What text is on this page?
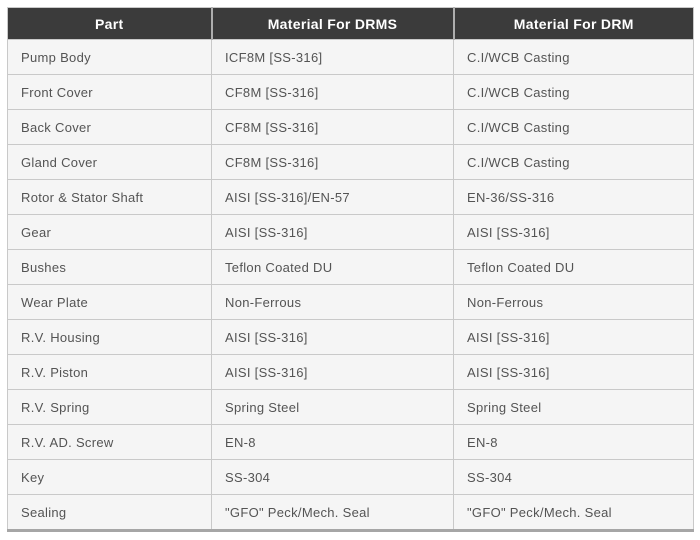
Part	Material For DRMS	Material For DRM
Pump Body	ICF8M [SS-316]	C.I/WCB Casting
Front Cover	CF8M [SS-316]	C.I/WCB Casting
Back Cover	CF8M [SS-316]	C.I/WCB Casting
Gland Cover	CF8M [SS-316]	C.I/WCB Casting
Rotor & Stator Shaft	AISI [SS-316]/EN-57	EN-36/SS-316
Gear	AISI [SS-316]	AISI [SS-316]
Bushes	Teflon Coated DU	Teflon Coated DU
Wear Plate	Non-Ferrous	Non-Ferrous
R.V. Housing	AISI [SS-316]	AISI [SS-316]
R.V. Piston	AISI [SS-316]	AISI [SS-316]
R.V. Spring	Spring Steel	Spring Steel
R.V. AD. Screw	EN-8	EN-8
Key	SS-304	SS-304
Sealing	"GFO" Peck/Mech. Seal	"GFO" Peck/Mech. Seal
